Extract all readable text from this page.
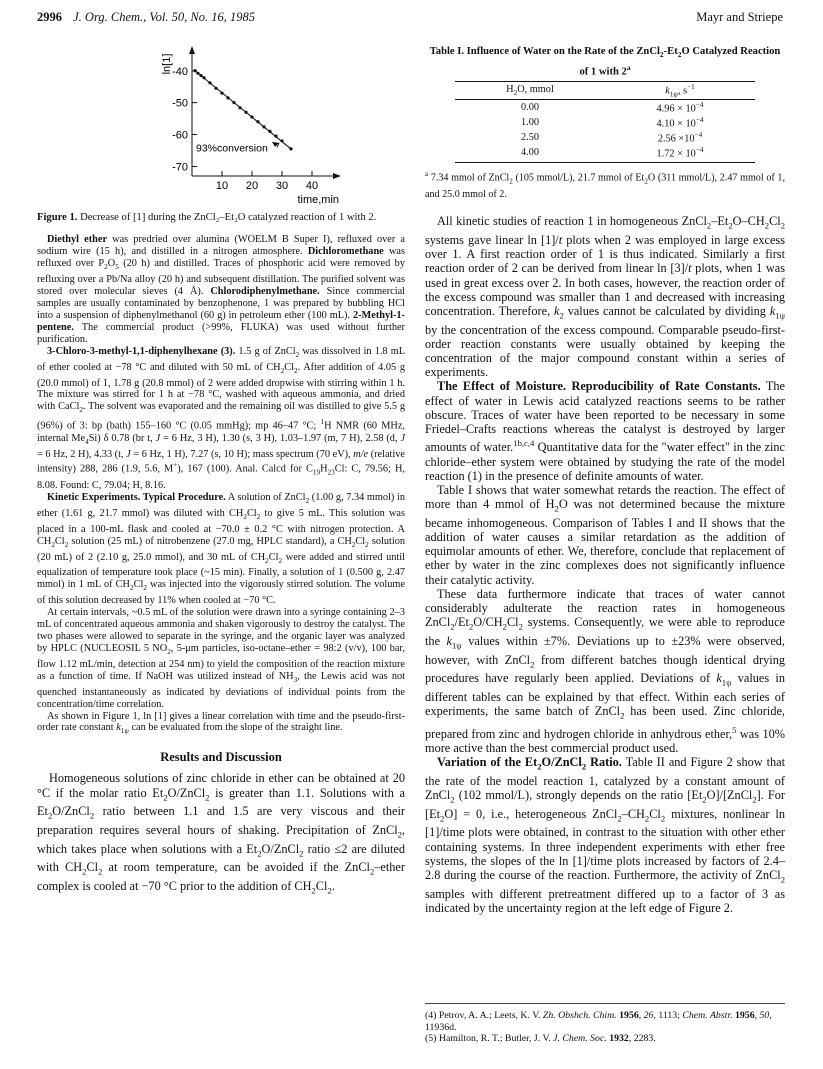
2996 J. Org. Chem., Vol. 50, No. 16, 1985	Mayr and Striepe
-40
-50
-60
-70
10 20 30 40
ln[1]
time,min
93%conversion
Figure 1. Decrease of [1] during the ZnCl₂–Et₂O catalyzed reaction of 1 with 2.

Diethyl ether was predried over alumina (WOELM B Super I), refluxed over a sodium wire (15 h), and distilled in a nitrogen atmosphere. Dichloromethane was refluxed over $P_2O_5$ (20 h) and distilled. Traces of phosphoric acid were removed by refluxing over a Pb/Na alloy (20 h) and subsequent distillation. The purified solvent was stored over molecular sieves (4 Å). Chlorodiphenylmethane. Since commercial samples are usually contaminated by benzophenone, 1 was prepared by bubbling HCl into a suspension of diphenylmethanol (60 g) in petroleum ether (100 mL). 2-Methyl-1-pentene. The commercial product (>99%, FLUKA) was used without further purification.

3-Chloro-3-methyl-1,1-diphenylhexane (3). 1.5 g of ZnCl$_2$ was dissolved in 1.8 mL of ether cooled at −78 °C and diluted with 50 mL of $CH_2Cl_2$. After addition of 4.05 g (20.0 mmol) of 1, 1.78 g (20.8 mmol) of 2 were added dropwise with stirring within 1 h. The mixture was stirred for 1 h at −78 °C, washed with aqueous ammonia, and dried with CaCl$_2$. The solvent was evaporated and the remaining oil was distilled to give 5.5 g (96%) of 3: bp (bath) 155–160 °C (0.05 mmHg); mp 46–47 °C; $^1$H NMR (60 MHz, internal $Me_4Si$) δ 0.78 (br t, J = 6 Hz, 3 H), 1.30 (s, 3 H), 1.03–1.97 (m, 7 H), 2.58 (d, J = 6 Hz, 2 H), 4.33 (t, J = 6 Hz, 1 H), 7.27 (s, 10 H); mass spectrum (70 eV), m/e (relative intensity) 288, 286 (1.9, 5.6, M+), 167 (100). Anal. Calcd for $C_{19}H_{23}Cl$: C, 79.56; H, 8.08. Found: C, 79.04; H, 8.16.

Kinetic Experiments. Typical Procedure. A solution of ZnCl$_2$ (1.00 g, 7.34 mmol) in ether (1.61 g, 21.7 mmol) was diluted with $CH_2Cl_2$ to give 5 mL. This solution was placed in a 100-mL flask and cooled at −70.0 ± 0.2 °C with nitrogen protection. A $CH_2Cl_2$ solution (25 mL) of nitrobenzene (27.0 mg, HPLC standard), a $CH_2Cl_2$ solution (20 mL) of 2 (2.10 g, 25.0 mmol), and 30 mL of $CH_2Cl_2$ were added and stirred until equalization of temperature took place (~15 min). Finally, a solution of 1 (0.500 g, 2.47 mmol) in 1 mL of $CH_2Cl_2$ was injected into the vigorously stirred solution. The volume of this solution decreased by 11% when cooled at −70 °C.

At certain intervals, ~0.5 mL of the solution were drawn into a syringe containing 2–3 mL of concentrated aqueous ammonia and shaken vigorously to destroy the catalyst. The two phases were allowed to separate in the syringe, and the organic layer was analyzed by HPLC (NUCLEOSIL 5 $NO_2$, 5-μm particles, iso-octane–ether = 98:2 (v/v), 100 bar, flow 1.12 mL/min, detection at 254 nm) to yield the composition of the reaction mixture as a function of time. If NaOH was utilized instead of $NH_3$, the Lewis acid was not quenched instantaneously as indicated by deviations of individual points from the concentration/time correlation.

As shown in Figure 1, ln [1] gives a linear correlation with time and the pseudo-first-order rate constant $k_{1\psi}$ can be evaluated from the slope of the straight line.

Results and Discussion

Homogeneous solutions of zinc chloride in ether can be obtained at 20 °C if the molar ratio $Et_2O/ZnCl_2$ is greater than 1.1. Solutions with a $Et_2O/ZnCl_2$ ratio between 1.1 and 1.5 are very viscous and their preparation requires several hours of shaking. Precipitation of ZnCl$_2$, which takes place when solutions with a $Et_2O/ZnCl_2$ ratio ≤2 are diluted with $CH_2Cl_2$ at room temperature, can be avoided if the ZnCl$_2$–ether complex is cooled at −70 °C prior to the addition of $CH_2Cl_2$.

Table I. Influence of Water on the Rate of the $ZnCl_2-Et_2O$ Catalyzed Reaction of 1 with 2$^a$
$H_2O$, mmol	$k_{1\psi}$, $s^{-1}$
0.00	$4.96 \times 10^{-4}$
1.00	$4.10 \times 10^{-4}$
2.50	$2.56 \times 10^{-4}$
4.00	$1.72 \times 10^{-4}$
$^a$ 7.34 mmol of ZnCl$_2$ (105 mmol/L), 21.7 mmol of $Et_2O$ (311 mmol/L), 2.47 mmol of 1, and 25.0 mmol of 2.

All kinetic studies of reaction 1 in homogeneous $ZnCl_2-Et_2O-CH_2Cl_2$ systems gave linear ln [1]/t plots when 2 was employed in large excess over 1. A first reaction order of 1 is thus indicated. Similarly a first reaction order of 2 can be derived from linear ln [3]/t plots, when 1 was used in great excess over 2. In both cases, however, the reaction order of the excess compound was smaller than 1 and decreased with increasing concentration. Therefore, $k_2$ values cannot be calculated by dividing $k_{1\psi}$ by the concentration of the excess compound. Comparable pseudo-first-order reaction constants were usually obtained by keeping the concentration of the major compound constant within a series of experiments.

The Effect of Moisture. Reproducibility of Rate Constants. The effect of water in Lewis acid catalyzed reactions seems to be rather obscure. Traces of water have been reported to be necessary in some Friedel–Crafts reactions whereas the catalyst is destroyed by larger amounts of water.$^{1b,c,4}$ Quantitative data for the "water effect" in the zinc chloride–ether system were obtained by studying the rate of the model reaction (1) in the presence of definite amounts of water.

Table I shows that water somewhat retards the reaction. The effect of more than 4 mmol of $H_2O$ was not determined because the mixture became inhomogeneous. Comparison of Tables I and II shows that the addition of water causes a similar retardation as the addition of equimolar amounts of ether. We, therefore, conclude that replacement of ether by water in the zinc complexes does not significantly influence their catalytic activity.

These data furthermore indicate that traces of water cannot considerably adulterate the reaction rates in homogeneous $ZnCl_2/Et_2O/CH_2Cl_2$ systems. Consequently, we were able to reproduce the $k_{1\psi}$ values within ±7%. Deviations up to ±23% were observed, however, with ZnCl$_2$ from different batches though identical drying procedures have regularly been applied. Deviations of $k_{1\psi}$ values in different tables can be explained by that effect. Within each series of experiments, the same batch of ZnCl$_2$ has been used. Zinc chloride, prepared from zinc and hydrogen chloride in anhydrous ether,$^5$ was 10% more active than the best commercial product used.

Variation of the $Et_2O/ZnCl_2$ Ratio. Table II and Figure 2 show that the rate of the model reaction 1, catalyzed by a constant amount of ZnCl$_2$ (102 mmol/L), strongly depends on the ratio $[Et_2O]/[ZnCl_2]$. For $[Et_2O] = 0$, i.e., heterogeneous $ZnCl_2-CH_2Cl_2$ mixtures, nonlinear ln [1]/time plots were obtained, in contrast to the situation with other ether containing systems. In three independent experiments with ether free systems, the slopes of the ln [1]/time plots increased by factors of 2.4–2.8 during the course of the reaction. Furthermore, the activity of ZnCl$_2$ samples with different pretreatment differed up to a factor of 3 as indicated by the uncertainty region at the left edge of Figure 2.

(4) Petrov, A. A.; Leets, K. V. Zh. Obshch. Chim. 1956, 26, 1113; Chem. Abstr. 1956, 50, 11936d.
(5) Hamilton, R. T.; Butler, J. V. J. Chem. Soc. 1932, 2283.
